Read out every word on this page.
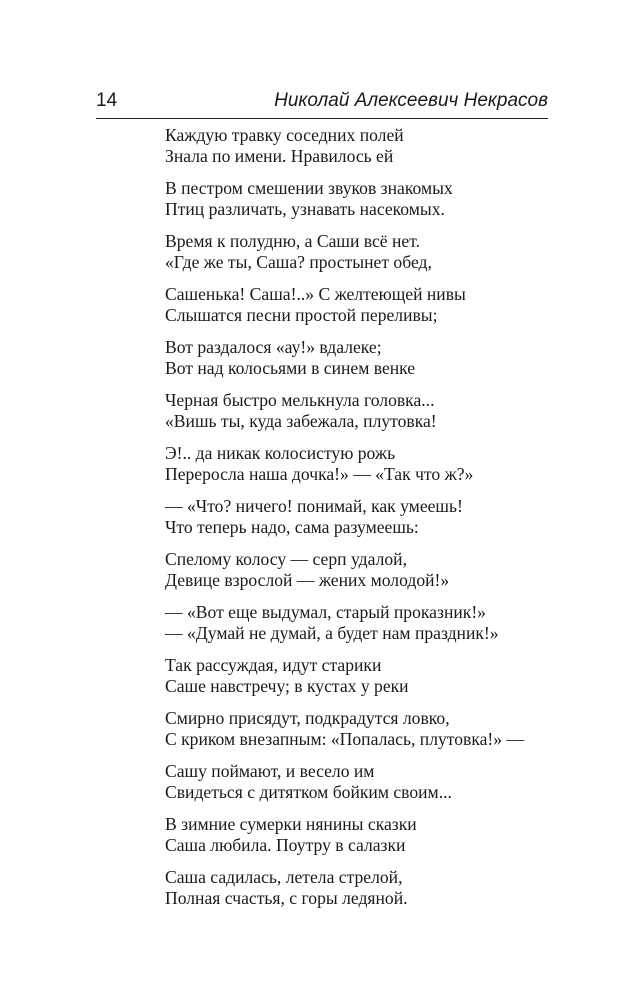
14	Николай Алексеевич Некрасов
Каждую травку соседних полей
Знала по имени. Нравилось ей
В пестром смешении звуков знакомых
Птиц различать, узнавать насекомых.
Время к полудню, а Саши всё нет.
«Где же ты, Саша? простынет обед,
Сашенька! Саша!..» С желтеющей нивы
Слышатся песни простой переливы;
Вот раздалося «ау!» вдалеке;
Вот над колосьями в синем венке
Черная быстро мелькнула головка...
«Вишь ты, куда забежала, плутовка!
Э!.. да никак колосистую рожь
Переросла наша дочка!» — «Так что ж?»
— «Что? ничего! понимай, как умеешь!
Что теперь надо, сама разумеешь:
Спелому колосу — серп удалой,
Девице взрослой — жених молодой!»
— «Вот еще выдумал, старый проказник!»
— «Думай не думай, а будет нам праздник!»
Так рассуждая, идут старики
Саше навстречу; в кустах у реки
Смирно присядут, подкрадутся ловко,
С криком внезапным: «Попалась, плутовка!» —
Сашу поймают, и весело им
Свидеться с дитятком бойким своим...
В зимние сумерки нянины сказки
Саша любила. Поутру в салазки
Саша садилась, летела стрелой,
Полная счастья, с горы ледяной.
